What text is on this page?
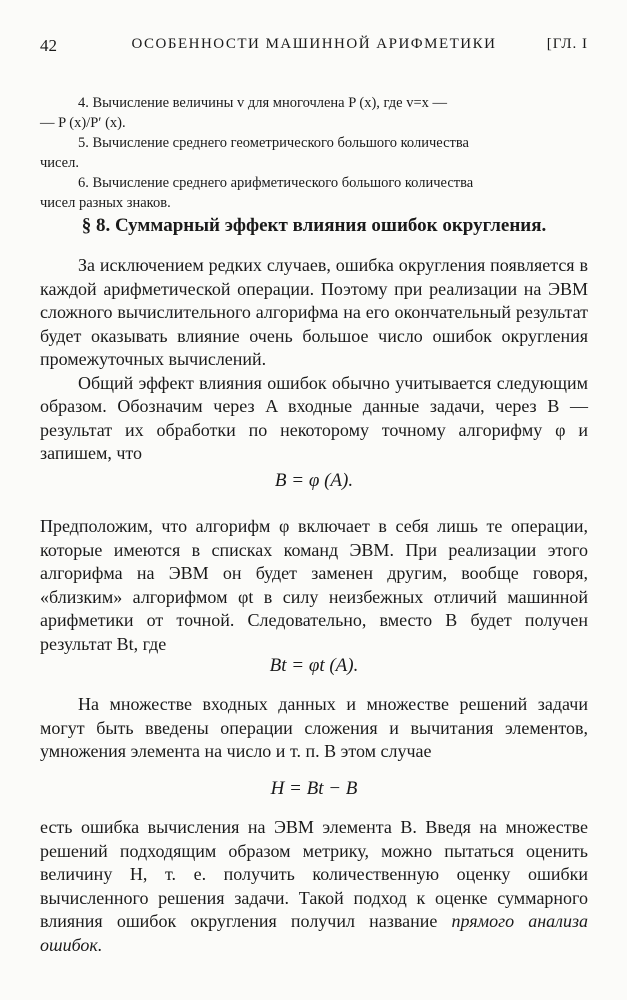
42	ОСОБЕННОСТИ МАШИННОЙ АРИФМЕТИКИ	[ГЛ. I

4. Вычисление величины v для многочлена P (x), где v=x —

— P (x)/P′ (x).

5. Вычисление среднего геометрического большого количества

чисел.

6. Вычисление среднего арифметического большого количества

чисел разных знаков.

§ 8. Суммарный эффект влияния ошибок округления.

За исключением редких случаев, ошибка округления появляется в каждой арифметической операции. Поэтому при реализации на ЭВМ сложного вычислительного алгорифма на его окончательный результат будет оказывать влияние очень большое число ошибок округления промежуточных вычислений.

Общий эффект влияния ошибок обычно учитывается следующим образом. Обозначим через A входные данные задачи, через B — результат их обработки по некоторому точному алгорифму φ и запишем, что

B = φ (A).

Предположим, что алгорифм φ включает в себя лишь те операции, которые имеются в списках команд ЭВМ. При реализации этого алгорифма на ЭВМ он будет заменен другим, вообще говоря, «близким» алгорифмом φt в силу неизбежных отличий машинной арифметики от точной. Следовательно, вместо B будет получен результат Bt, где

Bt = φt (A).

На множестве входных данных и множестве решений задачи могут быть введены операции сложения и вычитания элементов, умножения элемента на число и т. п. В этом случае

H = Bt − B

есть ошибка вычисления на ЭВМ элемента B. Введя на множестве решений подходящим образом метрику, можно пытаться оценить величину H, т. е. получить количественную оценку ошибки вычисленного решения задачи. Такой подход к оценке суммарного влияния ошибок округления получил название прямого анализа ошибок.
